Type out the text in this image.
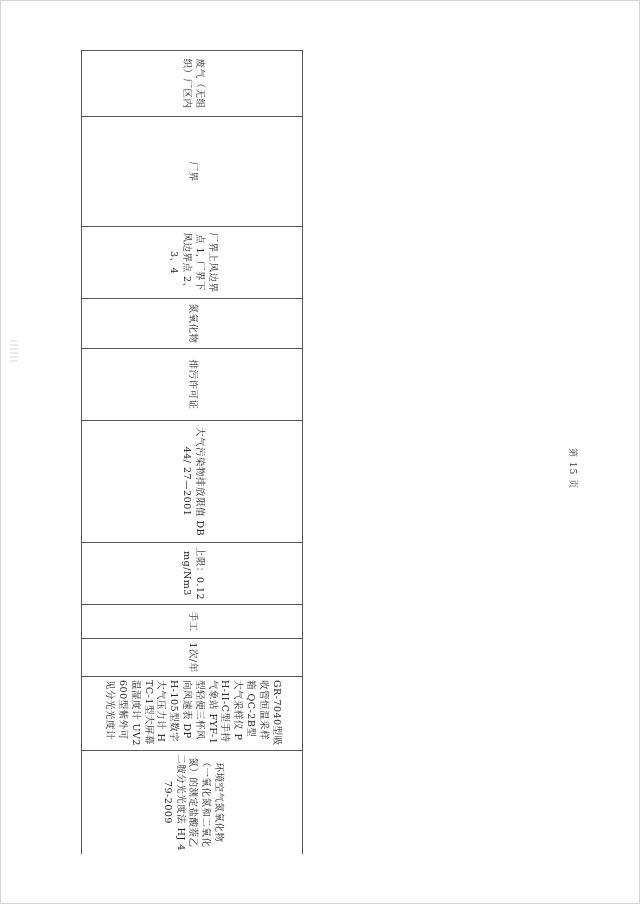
废气（无组织）厂区内

厂界

厂界上风边界点 1, 厂界下风边界点 2、3、4

氮氧化物

排污许可证

大气污染物排放限值 DB44/ 27—2001

上限：0.12mg/Nm3

手工

1次/年

GR-7040型吸收管恒温采样箱 QC-2B型大气采样仪 PH-II-C型手持气象站 FYF-1型轻便三杯风向风速表 DPH-105型数字大气压力计 HTC-1型大屏幕温湿度计 UV2600型紫外可见分光光度计

环境空气氮氧化物（一氧化氮和二氧化氮）的测定盐酸萘乙二胺分光光度法 HJ 479-2009
第 15 页
